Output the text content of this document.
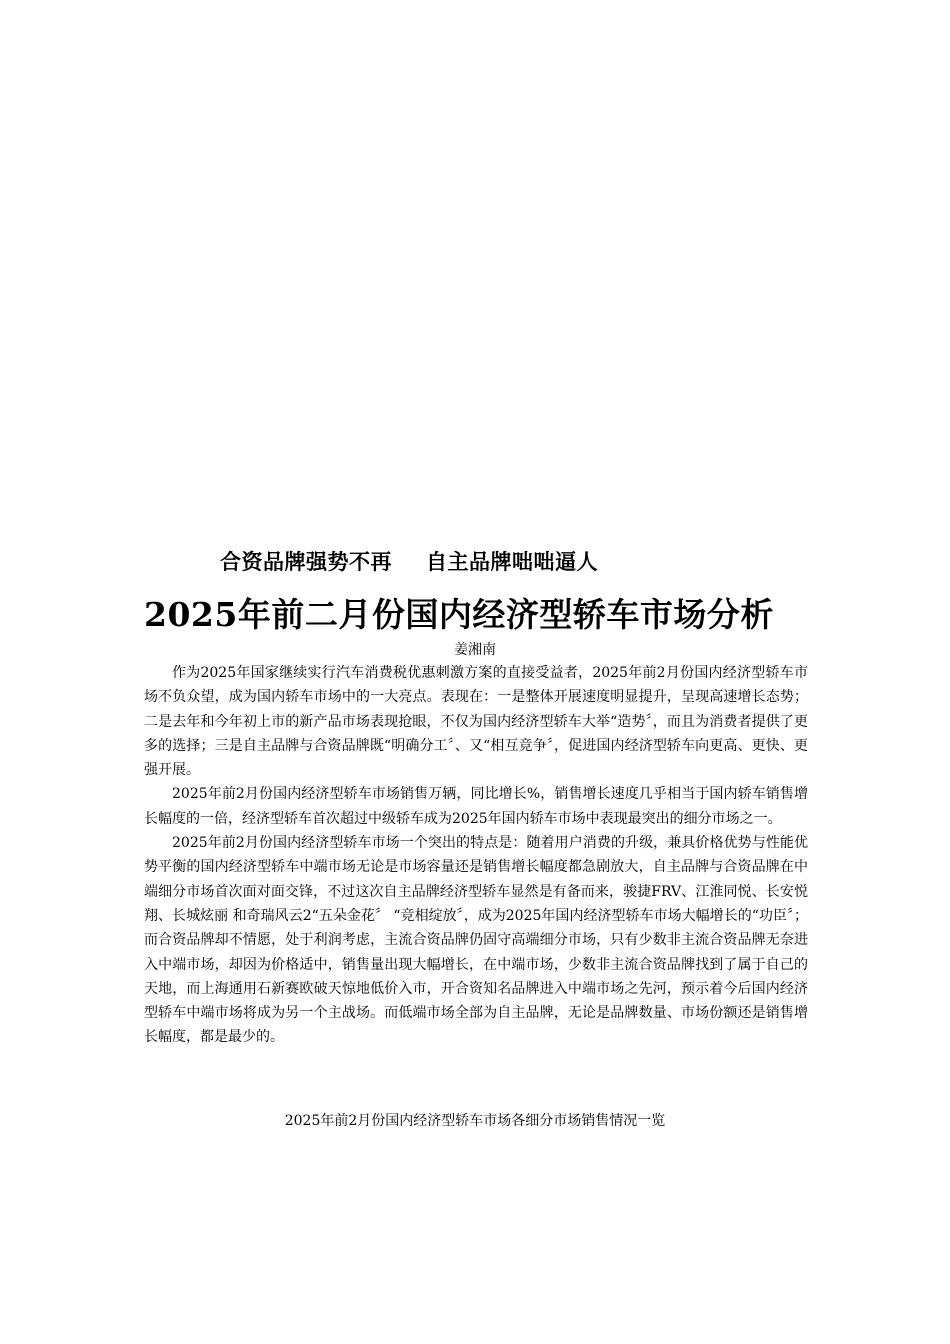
合资品牌强势不再 自主品牌咄咄逼人
2025年前二月份国内经济型轿车市场分析
姜湘南

作为2025年国家继续实行汽车消费税优惠刺激方案的直接受益者，2025年前2月份国内经济型轿车市场不负众望，成为国内轿车市场中的一大亮点。表现在：一是整体开展速度明显提升，呈现高速增长态势；二是去年和今年初上市的新产品市场表现抢眼，不仅为国内经济型轿车大举“造势〞，而且为消费者提供了更多的选择；三是自主品牌与合资品牌既“明确分工〞、又“相互竞争〞，促进国内经济型轿车向更高、更快、更强开展。

2025年前2月份国内经济型轿车市场销售万辆，同比增长%，销售增长速度几乎相当于国内轿车销售增长幅度的一倍，经济型轿车首次超过中级轿车成为2025年国内轿车市场中表现最突出的细分市场之一。

2025年前2月份国内经济型轿车市场一个突出的特点是：随着用户消费的升级，兼具价格优势与性能优势平衡的国内经济型轿车中端市场无论是市场容量还是销售增长幅度都急剧放大，自主品牌与合资品牌在中端细分市场首次面对面交锋，不过这次自主品牌经济型轿车显然是有备而来，骏捷FRV、江淮同悦、长安悦翔、长城炫丽 和奇瑞风云2“五朵金花〞 “竞相绽放〞，成为2025年国内经济型轿车市场大幅增长的“功臣〞；而合资品牌却不情愿，处于利润考虑，主流合资品牌仍固守高端细分市场，只有少数非主流合资品牌无奈进入中端市场，却因为价格适中，销售量出现大幅增长，在中端市场，少数非主流合资品牌找到了属于自己的天地，而上海通用石新赛欧破天惊地低价入市，开合资知名品牌进入中端市场之先河，预示着今后国内经济型轿车中端市场将成为另一个主战场。而低端市场全部为自主品牌，无论是品牌数量、市场份额还是销售增长幅度，都是最少的。

2025年前2月份国内经济型轿车市场各细分市场销售情况一览
